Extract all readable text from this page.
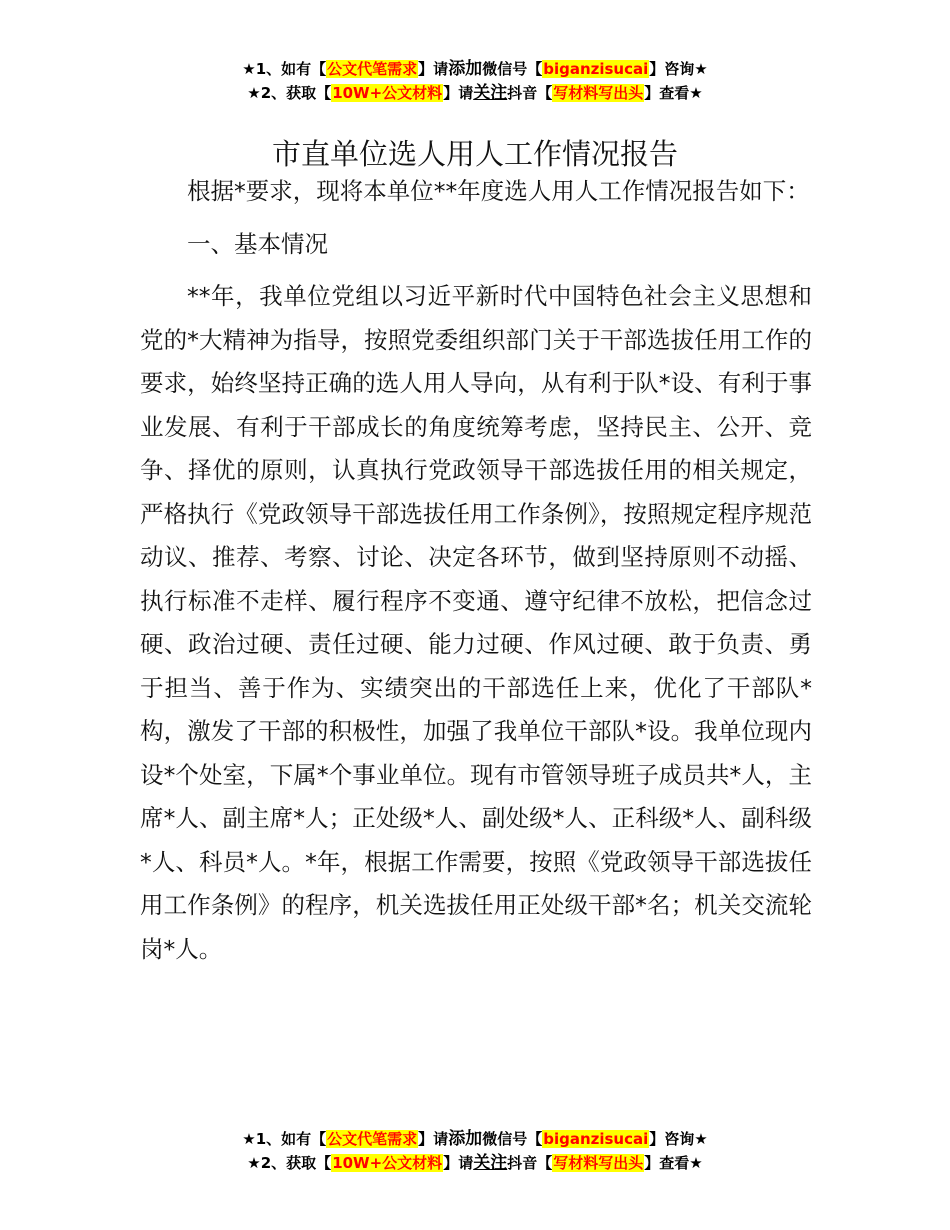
★1、如有【公文代笔需求】请添加微信号【biganzisucai】咨询★
★2、获取【10W+公文材料】请关注抖音【写材料写出头】查看★
市直单位选人用人工作情况报告

根据*要求，现将本单位**年度选人用人工作情况报告如下：

一、基本情况

**年，我单位党组以习近平新时代中国特色社会主义思想和党的*大精神为指导，按照党委组织部门关于干部选拔任用工作的要求，始终坚持正确的选人用人导向，从有利于队*设、有利于事业发展、有利于干部成长的角度统筹考虑，坚持民主、公开、竞争、择优的原则，认真执行党政领导干部选拔任用的相关规定，严格执行《党政领导干部选拔任用工作条例》，按照规定程序规范动议、推荐、考察、讨论、决定各环节，做到坚持原则不动摇、执行标准不走样、履行程序不变通、遵守纪律不放松，把信念过硬、政治过硬、责任过硬、能力过硬、作风过硬、敢于负责、勇于担当、善于作为、实绩突出的干部选任上来，优化了干部队*构，激发了干部的积极性，加强了我单位干部队*设。我单位现内设*个处室，下属*个事业单位。现有市管领导班子成员共*人，主席*人、副主席*人；正处级*人、副处级*人、正科级*人、副科级*人、科员*人。*年，根据工作需要，按照《党政领导干部选拔任用工作条例》的程序，机关选拔任用正处级干部*名；机关交流轮岗*人。

★1、如有【公文代笔需求】请添加微信号【biganzisucai】咨询★
★2、获取【10W+公文材料】请关注抖音【写材料写出头】查看★
